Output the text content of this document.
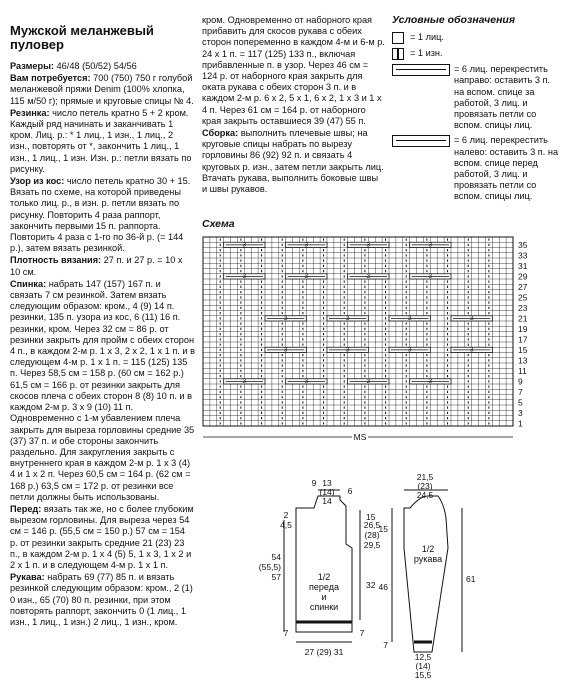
Мужской меланжевый пуловер

Размеры: 46/48 (50/52) 54/56

Вам потребуется: 700 (750) 750 г голубой меланжевой пряжи Denim (100% хлопка, 115 м/50 г); прямые и круговые спицы № 4.

Резинка: число петель кратно 5 + 2 кром. Каждый ряд начинать и заканчивать 1 кром. Лиц. р.: * 1 лиц., 1 изн., 1 лиц., 2 изн., повторять от *, закончить 1 лиц., 1 изн., 1 лиц., 1 изн. Изн. р.: петли вязать по рисунку.

Узор из кос: число петель кратно 30 + 15. Вязать по схеме, на которой приведены только лиц. р., в изн. р. петли вязать по рисунку. Повторить 4 раза раппорт, закончить первыми 15 п. раппорта. Повторить 4 раза с 1-го по 36-й р. (= 144 р.), затем вязать резинкой.

Плотность вязания: 27 п. и 27 р. = 10 х 10 см.

Спинка: набрать 147 (157) 167 п. и связать 7 см резинкой. Затем вязать следующим образом: кром., 4 (9) 14 п. резинки, 135 п. узора из кос, 6 (11) 16 п. резинки, кром. Через 32 см = 86 р. от резинки закрыть для пройм с обеих сторон 4 п., в каждом 2-м р. 1 х 3, 2 х 2, 1 х 1 п. и в следующем 4-м р. 1 х 1 п. = 115 (125) 135 п. Через 58,5 см = 158 р. (60 см = 162 р.) 61,5 см = 166 р. от резинки закрыть для скосов плеча с обеих сторон 8 (8) 10 п. и в каждом 2-м р. 3 х 9 (10) 11 п. Одновременно с 1-м убавлением плеча закрыть для выреза горловины средние 35 (37) 37 п. и обе стороны закончить раздельно. Для закругления закрыть с внутреннего края в каждом 2-м р. 1 х 3 (4) 4 и 1 х 2 п. Через 60,5 см = 164 р. (62 см = 168 р.) 63,5 см = 172 р. от резинки все петли должны быть использованы.

Перед: вязать так же, но с более глубоким вырезом горловины. Для выреза через 54 см = 146 р. (55,5 см = 150 р.) 57 см = 154 р. от резинки закрыть средние 21 (23) 23 п., в каждом 2-м р. 1 х 4 (5) 5, 1 х 3, 1 х 2 и 2 х 1 п. и в следующем 4-м р. 1 х 1 п.

Рукава: набрать 69 (77) 85 п. и вязать резинкой следующим образом: кром., 2 (1) 0 изн., 65 (70) 80 п. резинки, при этом повторять раппорт, закончить 0 (1 лиц., 1 изн., 1 лиц., 1 изн.) 2 лиц., 1 изн., кром.

кром. Одновременно от наборного края прибавить для скосов рукава с обеих сторон попеременно в каждом 4-м и 6-м р. 24 х 1 п. = 117 (125) 133 п., включая прибавленные п. в узор. Через 46 см = 124 р. от наборного края закрыть для оката рукава с обеих сторон 3 п. и в каждом 2-м р. 6 х 2, 5 х 1, 6 х 2, 1 х 3 и 1 х 4 п. Через 61 см = 164 р. от наборного края закрыть оставшиеся 39 (47) 55 п.

Сборка: выполнить плечевые швы; на круговые спицы набрать по вырезу горловины 86 (92) 92 п. и связать 4 круговых р. изн., затем петли закрыть лиц. Втачать рукава, выполнить боковые швы и швы рукавов.

Условные обозначения
= 1 лиц.
= 1 изн.
= 6 лиц. перекрестить направо: оставить 3 п. на вспом. спице за работой, 3 лиц. и провязать петли со вспом. спицы лиц.
= 6 лиц. перекрестить налево: оставить 3 п. на вспом. спице перед работой, 3 лиц. и провязать петли со вспом. спицы лиц.
Схема
3	3	3	3
3	3	3	3
3	3	3	3
3	3	3	3
3	3	3	3
35
33
31
29
27
25
23
21
19
17
15
13
11
9
7
5
3
1
MS
9 13
(14)
14
6
2
4,5	26,5
(28)
29,5
54
(55,5)
57
15
32
7	7
1/2
переда
и
спинки
27 (29) 31
21,5
(23)
24,5
15
46
61
7
1/2
рукава
12,5
(14)
15,5
